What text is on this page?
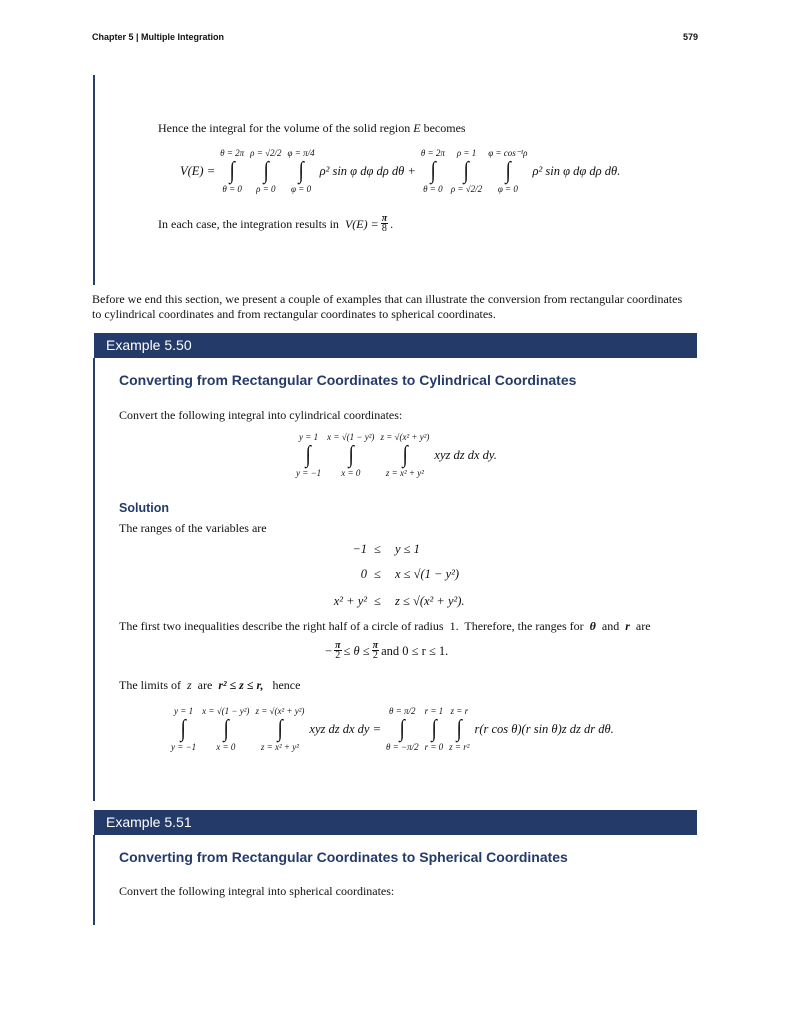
Chapter 5 | Multiple Integration	579
Hence the integral for the volume of the solid region E becomes
V(E) =
θ = 2π
∫
θ = 0
ρ = √2/2
∫
ρ = 0
φ = π/4
∫
φ = 0
ρ² sin φ dφ dρ dθ +
θ = 2π
∫
θ = 0
ρ = 1
∫
ρ = √2/2
φ = cos⁻¹ρ
∫
φ = 0
ρ² sin φ dφ dρ dθ.
In each case, the integration results in
$V(E) = \frac{\pi}{8}$ .
Before we end this section, we present a couple of examples that can illustrate the conversion from rectangular coordinates
to cylindrical coordinates and from rectangular coordinates to spherical coordinates.
Example 5.50
Converting from Rectangular Coordinates to Cylindrical Coordinates
Convert the following integral into cylindrical coordinates:
y = 1
∫
y = −1
x = √(1 − y²)
∫
x = 0
z = √(x² + y²)
∫
z = x² + y²
xyz dz dx dy.
Solution
The ranges of the variables are
−1 ≤ y ≤ 1
0 ≤ x ≤ √(1 − y²)
x² + y² ≤ z ≤ √(x² + y²).
The first two inequalities describe the right half of a circle of radius 1. Therefore, the ranges for θ and r are
− $\frac{\pi}{2} \le \theta \le \frac{\pi}{2}$ and 0 ≤ r ≤ 1.
The limits of z are r² ≤ z ≤ r, hence
y = 1
∫
y = −1
x = √(1 − y²)
∫
x = 0
z = √(x² + y²)
∫
z = x² + y²
xyz dz dx dy =
θ = π/2
∫
θ = −π/2
r = 1
∫
r = 0
z = r
∫
z = r²
r(r cos θ)(r sin θ)z dz dr dθ.
Example 5.51
Converting from Rectangular Coordinates to Spherical Coordinates
Convert the following integral into spherical coordinates:
